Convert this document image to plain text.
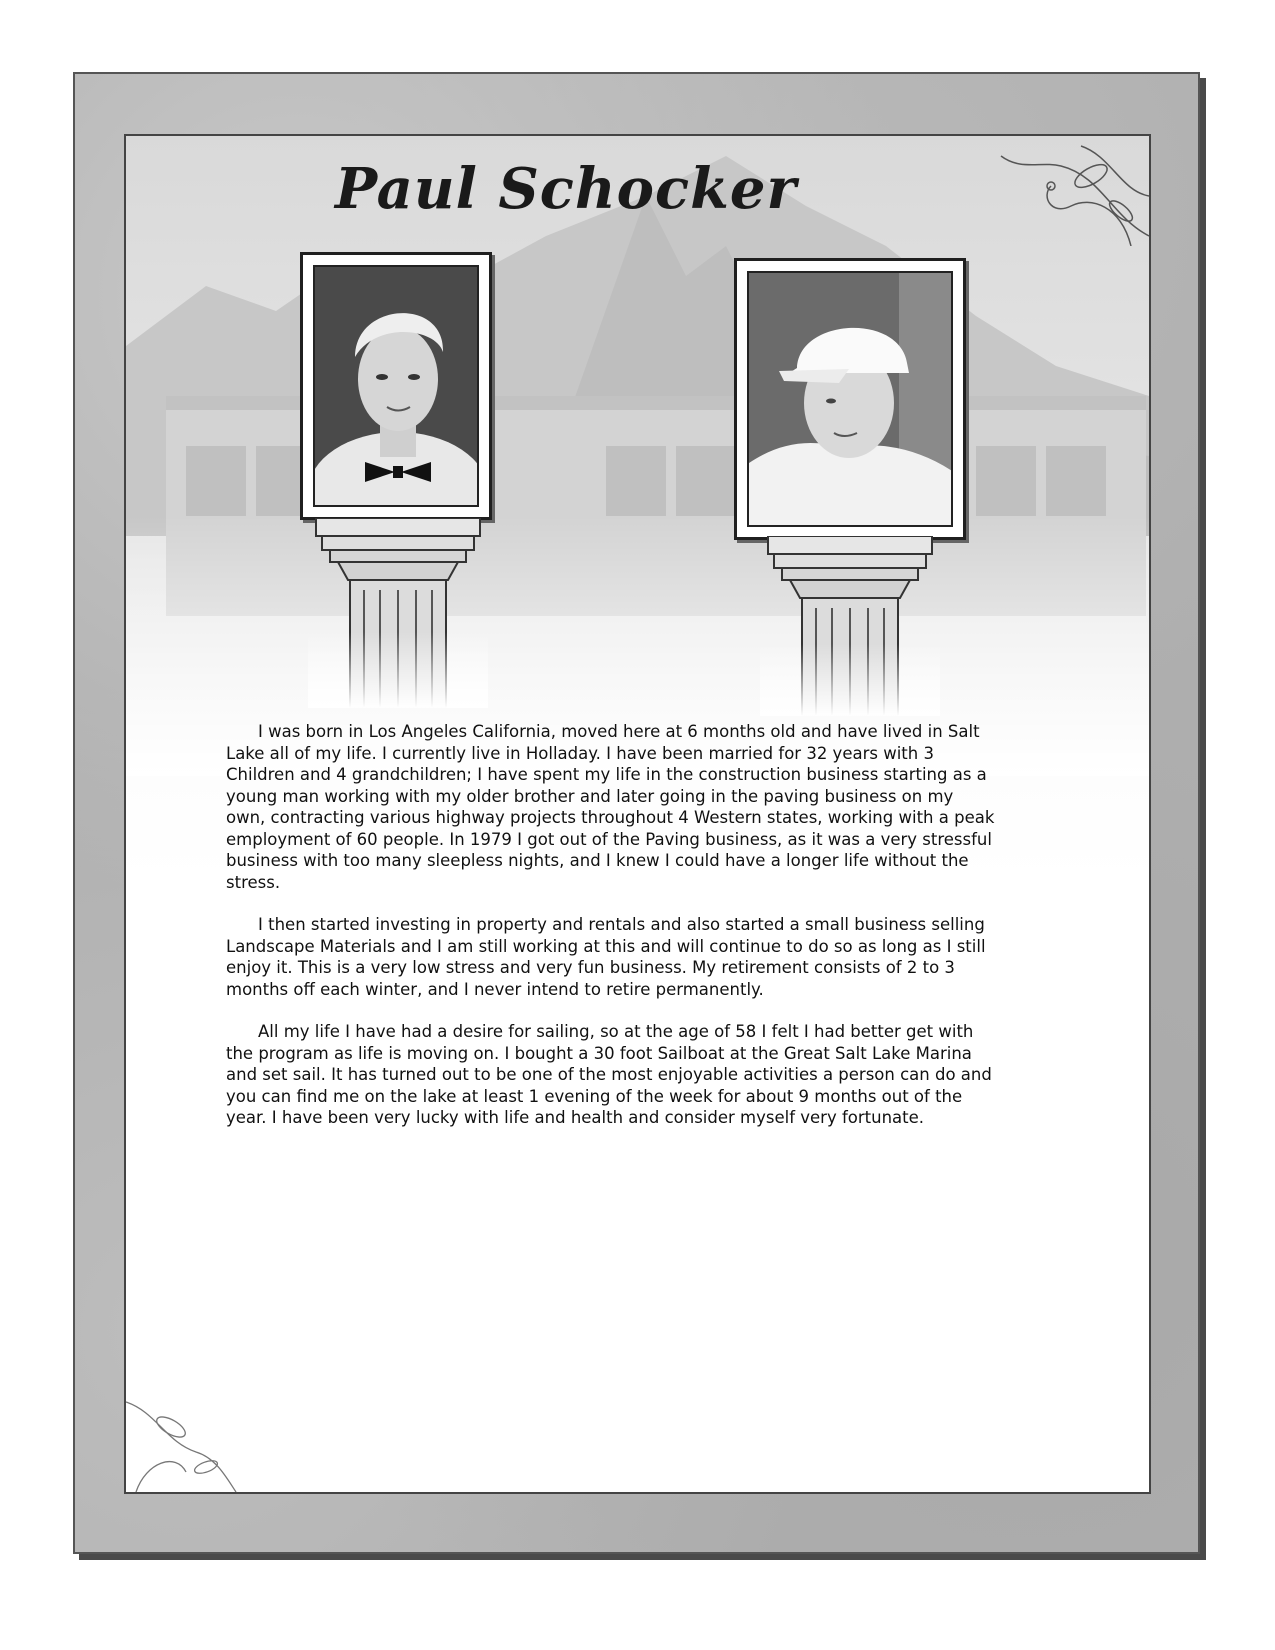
Paul Schocker

I was born in Los Angeles California, moved here at 6 months old and have lived in Salt Lake all of my life. I currently live in Holladay. I have been married for 32 years with 3 Children and 4 grandchildren; I have spent my life in the construction business starting as a young man working with my older brother and later going in the paving business on my own, contracting various highway projects throughout 4 Western states, working with a peak employment of 60 people. In 1979 I got out of the Paving business, as it was a very stressful business with too many sleepless nights, and I knew I could have a longer life without the stress.

I then started investing in property and rentals and also started a small business selling Landscape Materials and I am still working at this and will continue to do so as long as I still enjoy it. This is a very low stress and very fun business. My retirement consists of 2 to 3 months off each winter, and I never intend to retire permanently.

All my life I have had a desire for sailing, so at the age of 58 I felt I had better get with the program as life is moving on. I bought a 30 foot Sailboat at the Great Salt Lake Marina and set sail. It has turned out to be one of the most enjoyable activities a person can do and you can find me on the lake at least 1 evening of the week for about 9 months out of the year. I have been very lucky with life and health and consider myself very fortunate.
